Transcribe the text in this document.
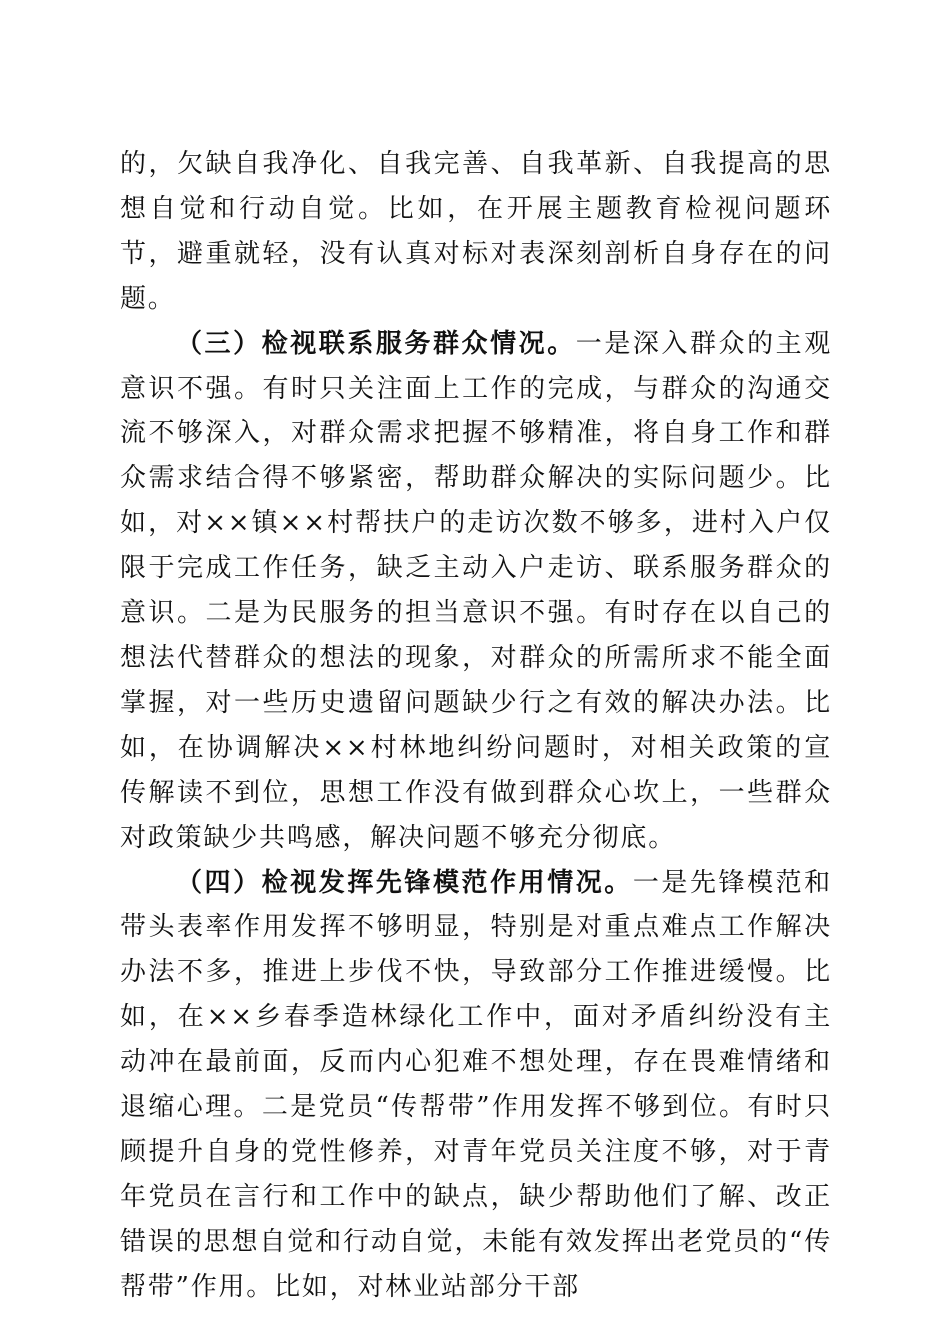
的，欠缺自我净化、自我完善、自我革新、自我提高的思想自觉和行动自觉。比如，在开展主题教育检视问题环节，避重就轻，没有认真对标对表深刻剖析自身存在的问题。

（三）检视联系服务群众情况。一是深入群众的主观意识不强。有时只关注面上工作的完成，与群众的沟通交流不够深入，对群众需求把握不够精准，将自身工作和群众需求结合得不够紧密，帮助群众解决的实际问题少。比如，对××镇××村帮扶户的走访次数不够多，进村入户仅限于完成工作任务，缺乏主动入户走访、联系服务群众的意识。二是为民服务的担当意识不强。有时存在以自己的想法代替群众的想法的现象，对群众的所需所求不能全面掌握，对一些历史遗留问题缺少行之有效的解决办法。比如，在协调解决××村林地纠纷问题时，对相关政策的宣传解读不到位，思想工作没有做到群众心坎上，一些群众对政策缺少共鸣感，解决问题不够充分彻底。

（四）检视发挥先锋模范作用情况。一是先锋模范和带头表率作用发挥不够明显，特别是对重点难点工作解决办法不多，推进上步伐不快，导致部分工作推进缓慢。比如，在××乡春季造林绿化工作中，面对矛盾纠纷没有主动冲在最前面，反而内心犯难不想处理，存在畏难情绪和退缩心理。二是党员“传帮带”作用发挥不够到位。有时只顾提升自身的党性修养，对青年党员关注度不够，对于青年党员在言行和工作中的缺点，缺少帮助他们了解、改正错误的思想自觉和行动自觉，未能有效发挥出老党员的“传帮带”作用。比如，对林业站部分干部
